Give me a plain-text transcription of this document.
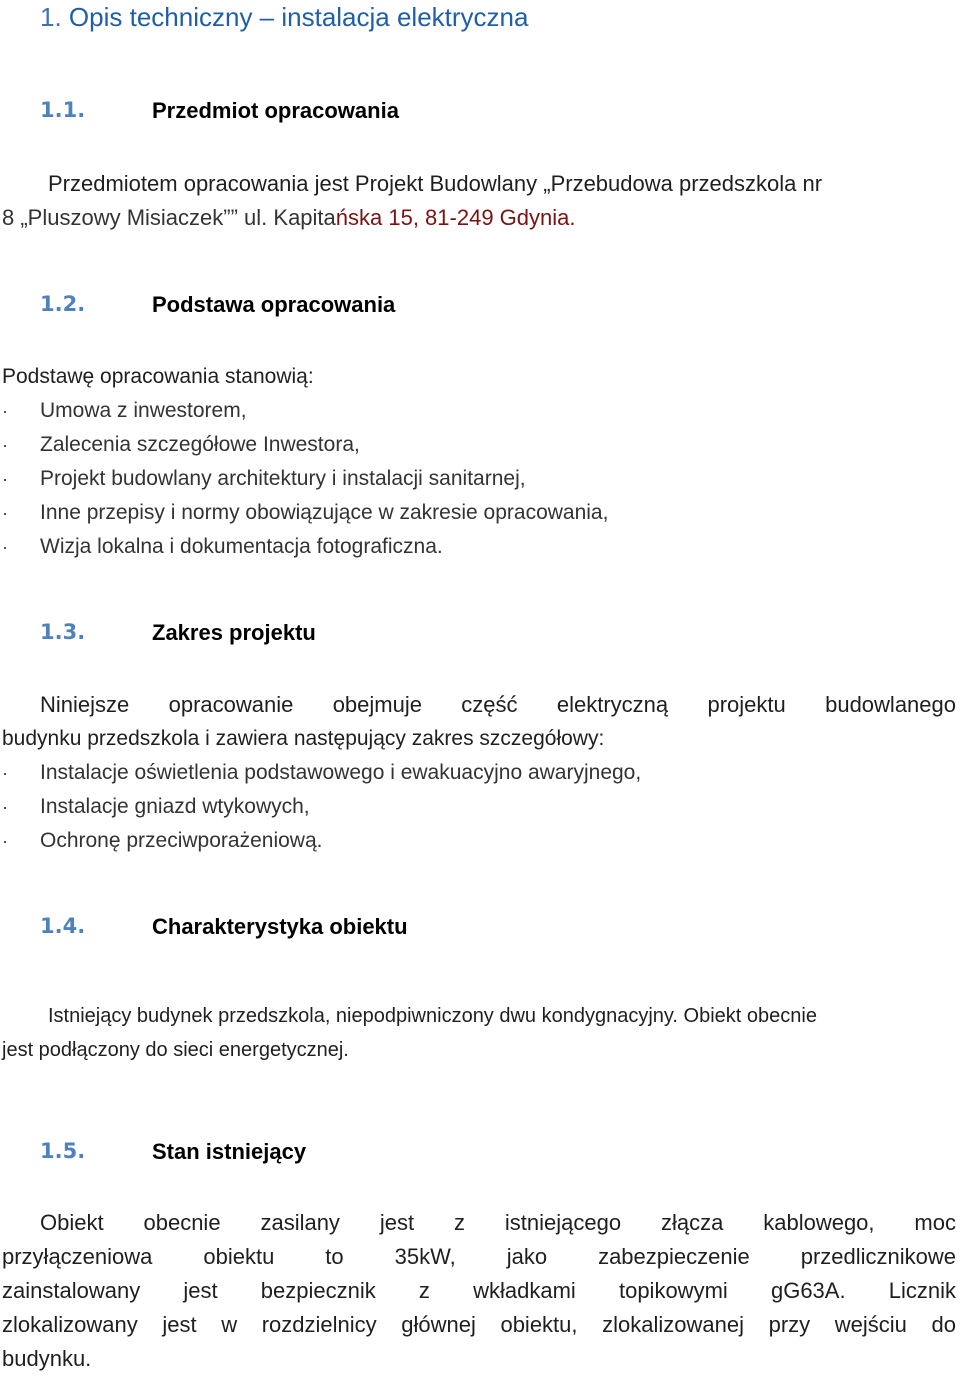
1. Opis techniczny – instalacja elektryczna
1.1.	Przedmiot opracowania
Przedmiotem opracowania jest Projekt Budowlany „Przebudowa przedszkola nr
8 „Pluszowy Misiaczek”” ul. Kapitańska 15, 81-249 Gdynia.
1.2.	Podstawa opracowania
Podstawę opracowania stanowią:
· Umowa z inwestorem,
· Zalecenia szczegółowe Inwestora,
· Projekt budowlany architektury i instalacji sanitarnej,
· Inne przepisy i normy obowiązujące w zakresie opracowania,
· Wizja lokalna i dokumentacja fotograficzna.
1.3.	Zakres projektu
Niniejsze opracowanie obejmuje część elektryczną projektu budowlanego
budynku przedszkola i zawiera następujący zakres szczegółowy:
· Instalacje oświetlenia podstawowego i ewakuacyjno awaryjnego,
· Instalacje gniazd wtykowych,
· Ochronę przeciwporażeniową.
1.4.	Charakterystyka obiektu
Istniejący budynek przedszkola, niepodpiwniczony dwu kondygnacyjny. Obiekt obecnie
jest podłączony do sieci energetycznej.
1.5.	Stan istniejący
Obiekt obecnie zasilany jest z istniejącego złącza kablowego, moc
przyłączeniowa obiektu to 35kW, jako zabezpieczenie przedlicznikowe
zainstalowany jest bezpiecznik z wkładkami topikowymi gG63A. Licznik
zlokalizowany jest w rozdzielnicy głównej obiektu, zlokalizowanej przy wejściu do
budynku.
